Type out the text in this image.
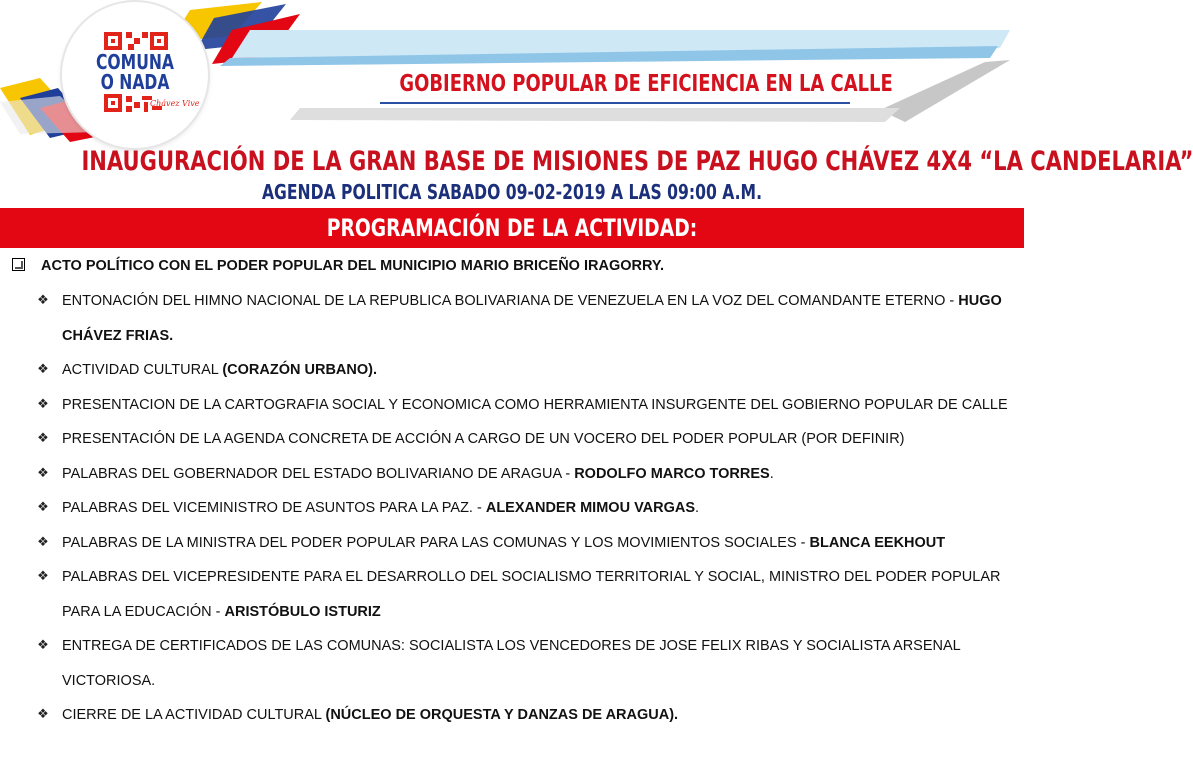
COMUNA
O NADA
Chávez Vive
GOBIERNO POPULAR DE EFICIENCIA EN LA CALLE
INAUGURACIÓN DE LA GRAN BASE DE MISIONES DE PAZ HUGO CHÁVEZ 4X4 “LA CANDELARIA”
AGENDA POLITICA SABADO 09-02-2019 A LAS 09:00 A.M.
PROGRAMACIÓN DE LA ACTIVIDAD:
ACTO POLÍTICO CON EL PODER POPULAR DEL MUNICIPIO MARIO BRICEÑO IRAGORRY.
❖ ENTONACIÓN DEL HIMNO NACIONAL DE LA REPUBLICA BOLIVARIANA DE VENEZUELA EN LA VOZ DEL COMANDANTE ETERNO - HUGO CHÁVEZ FRIAS.
❖ ACTIVIDAD CULTURAL (CORAZÓN URBANO).
❖ PRESENTACION DE LA CARTOGRAFIA SOCIAL Y ECONOMICA COMO HERRAMIENTA INSURGENTE DEL GOBIERNO POPULAR DE CALLE
❖ PRESENTACIÓN DE LA AGENDA CONCRETA DE ACCIÓN A CARGO DE UN VOCERO DEL PODER POPULAR (POR DEFINIR)
❖ PALABRAS DEL GOBERNADOR DEL ESTADO BOLIVARIANO DE ARAGUA - RODOLFO MARCO TORRES.
❖ PALABRAS DEL VICEMINISTRO DE ASUNTOS PARA LA PAZ. - ALEXANDER MIMOU VARGAS.
❖ PALABRAS DE LA MINISTRA DEL PODER POPULAR PARA LAS COMUNAS Y LOS MOVIMIENTOS SOCIALES - BLANCA EEKHOUT
❖ PALABRAS DEL VICEPRESIDENTE PARA EL DESARROLLO DEL SOCIALISMO TERRITORIAL Y SOCIAL, MINISTRO DEL PODER POPULAR PARA LA EDUCACIÓN - ARISTÓBULO ISTURIZ
❖ ENTREGA DE CERTIFICADOS DE LAS COMUNAS: SOCIALISTA LOS VENCEDORES DE JOSE FELIX RIBAS Y SOCIALISTA ARSENAL VICTORIOSA.
❖ CIERRE DE LA ACTIVIDAD CULTURAL (NÚCLEO DE ORQUESTA Y DANZAS DE ARAGUA).
